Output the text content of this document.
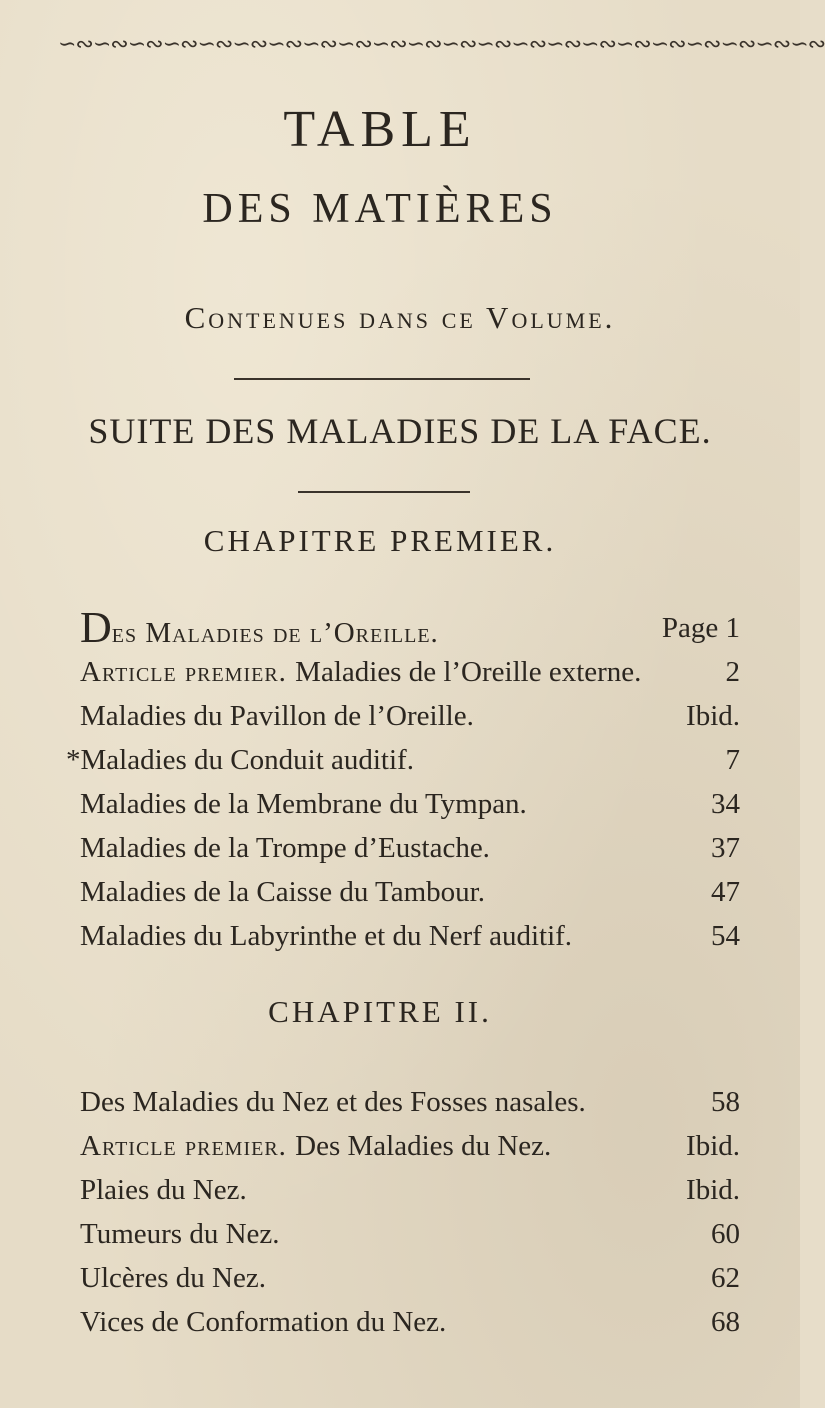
∽∾∽∾∽∾∽∾∽∾∽∾∽∾∽∾∽∾∽∾∽∾∽∾∽∾∽∾∽∾∽∾∽∾∽∾∽∾∽∾∽∾∽∾
TABLE
DES MATIÈRES
Contenues dans ce Volume.
SUITE DES MALADIES DE LA FACE.
CHAPITRE PREMIER.
Des Maladies de l’Oreille.	Page 1
Article premier. Maladies de l’Oreille externe.	2
Maladies du Pavillon de l’Oreille.	Ibid.
*Maladies du Conduit auditif.	7
Maladies de la Membrane du Tympan.	34
Maladies de la Trompe d’Eustache.	37
Maladies de la Caisse du Tambour.	47
Maladies du Labyrinthe et du Nerf auditif.	54
CHAPITRE II.
Des Maladies du Nez et des Fosses nasales.	58
Article premier. Des Maladies du Nez.	Ibid.
Plaies du Nez.	Ibid.
Tumeurs du Nez.	60
Ulcères du Nez.	62
Vices de Conformation du Nez.	68
